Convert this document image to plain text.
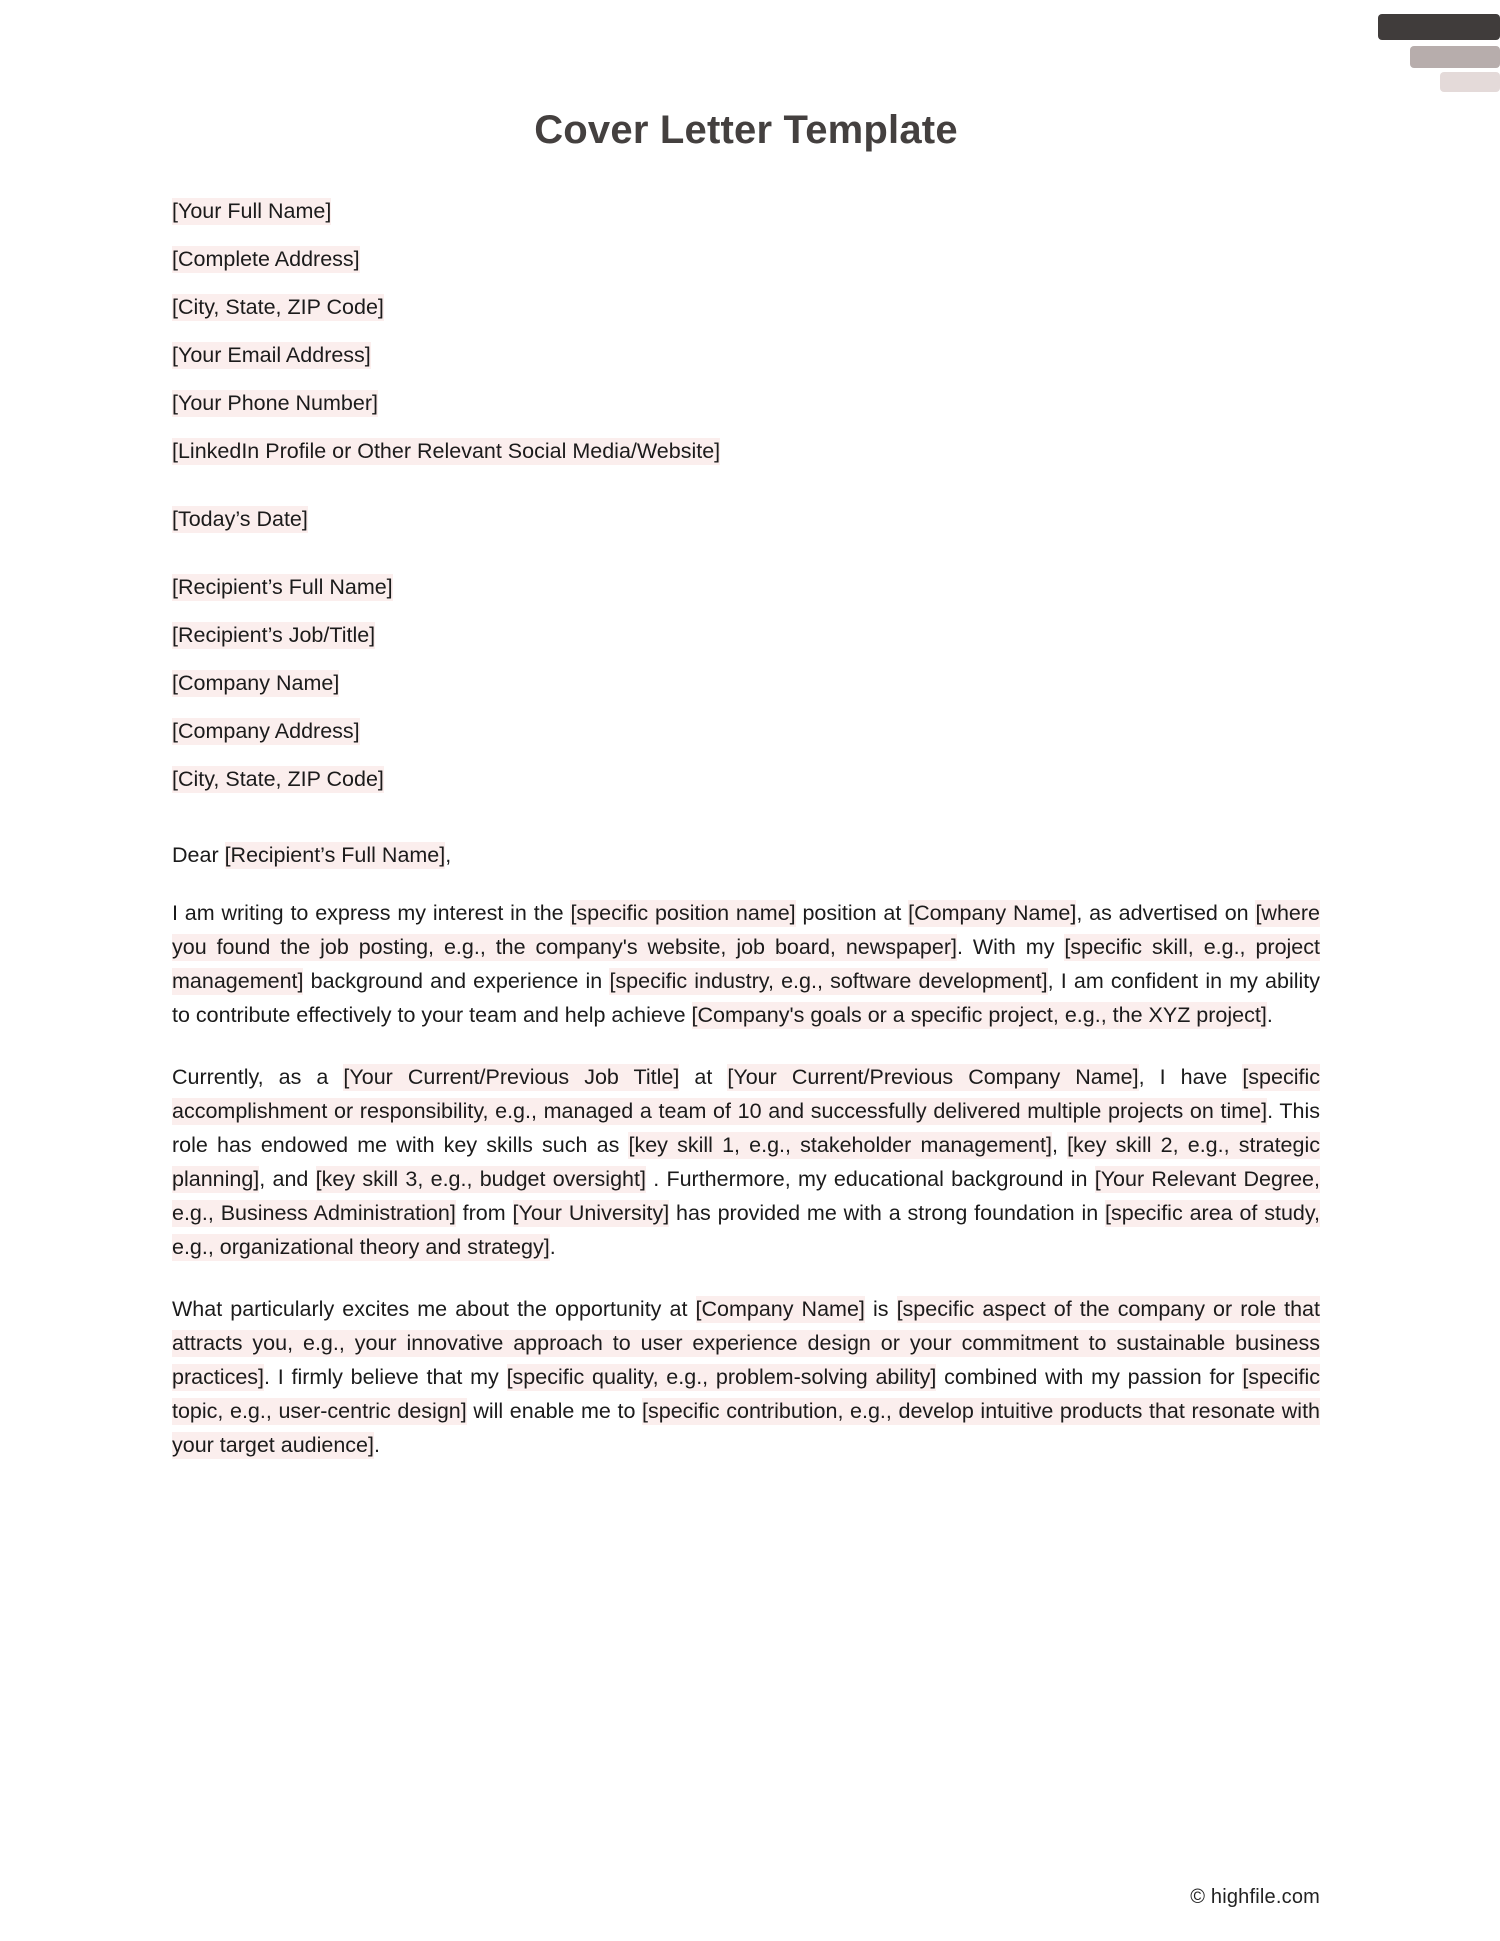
Cover Letter Template

[Your Full Name]

[Complete Address]

[City, State, ZIP Code]

[Your Email Address]

[Your Phone Number]

[LinkedIn Profile or Other Relevant Social Media/Website]

[Today’s Date]

[Recipient’s Full Name]

[Recipient’s Job/Title]

[Company Name]

[Company Address]

[City, State, ZIP Code]

Dear [Recipient’s Full Name],

I am writing to express my interest in the [specific position name] position at [Company Name], as advertised on [where you found the job posting, e.g., the company's website, job board, newspaper]. With my [specific skill, e.g., project management] background and experience in [specific industry, e.g., software development], I am confident in my ability to contribute effectively to your team and help achieve [Company's goals or a specific project, e.g., the XYZ project].

Currently, as a [Your Current/Previous Job Title] at [Your Current/Previous Company Name], I have [specific accomplishment or responsibility, e.g., managed a team of 10 and successfully delivered multiple projects on time]. This role has endowed me with key skills such as [key skill 1, e.g., stakeholder management], [key skill 2, e.g., strategic planning], and [key skill 3, e.g., budget oversight] . Furthermore, my educational background in [Your Relevant Degree, e.g., Business Administration] from [Your University] has provided me with a strong foundation in [specific area of study, e.g., organizational theory and strategy].

What particularly excites me about the opportunity at [Company Name] is [specific aspect of the company or role that attracts you, e.g., your innovative approach to user experience design or your commitment to sustainable business practices]. I firmly believe that my [specific quality, e.g., problem-solving ability] combined with my passion for [specific topic, e.g., user-centric design] will enable me to [specific contribution, e.g., develop intuitive products that resonate with your target audience].

© highfile.com
